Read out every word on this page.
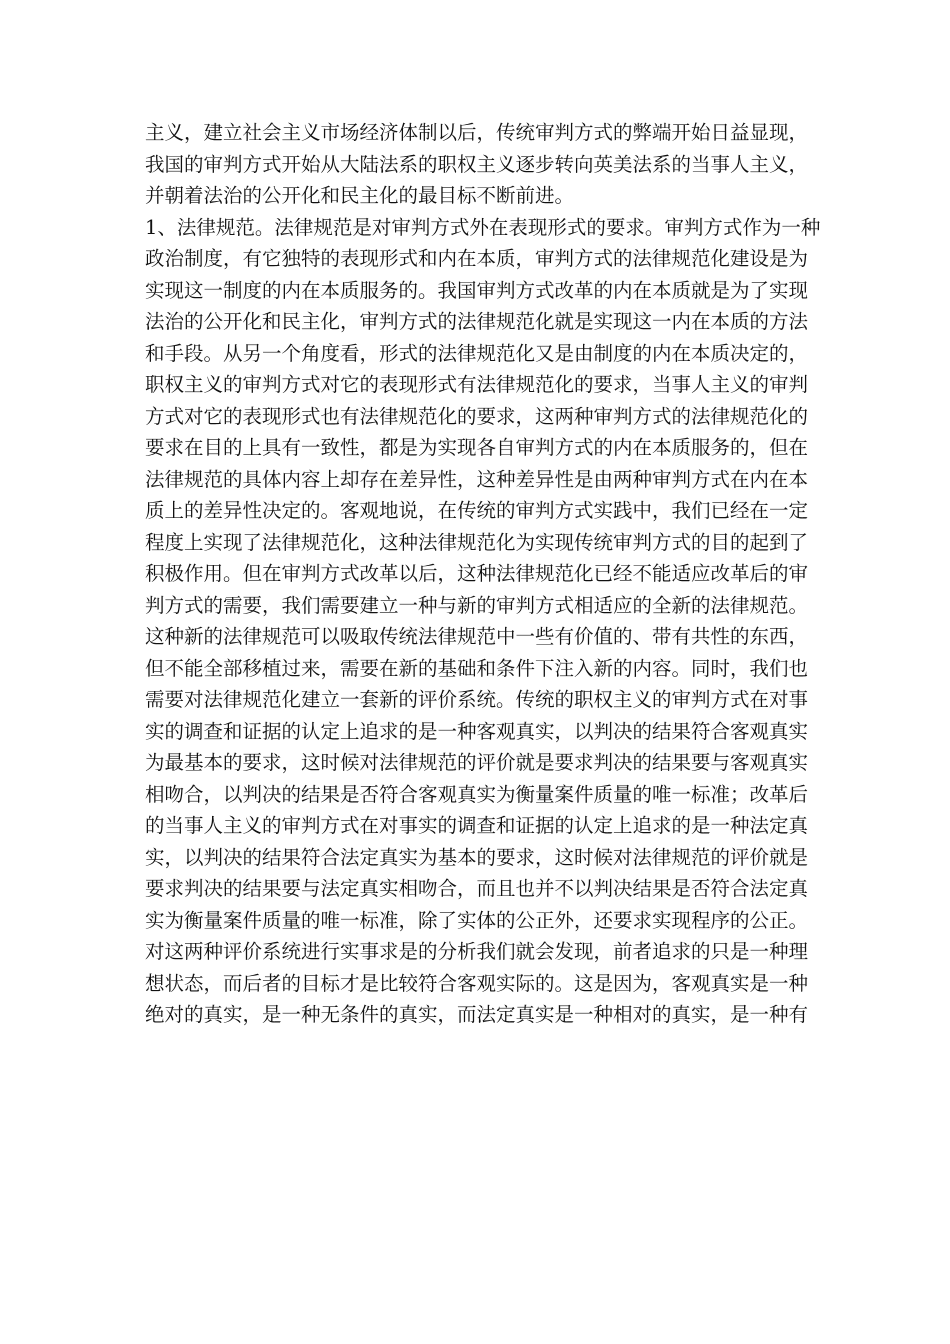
主义，建立社会主义市场经济体制以后，传统审判方式的弊端开始日益显现，
我国的审判方式开始从大陆法系的职权主义逐步转向英美法系的当事人主义，
并朝着法治的公开化和民主化的最目标不断前进。
1、法律规范。法律规范是对审判方式外在表现形式的要求。审判方式作为一种
政治制度，有它独特的表现形式和内在本质，审判方式的法律规范化建设是为
实现这一制度的内在本质服务的。我国审判方式改革的内在本质就是为了实现
法治的公开化和民主化，审判方式的法律规范化就是实现这一内在本质的方法
和手段。从另一个角度看，形式的法律规范化又是由制度的内在本质决定的，
职权主义的审判方式对它的表现形式有法律规范化的要求，当事人主义的审判
方式对它的表现形式也有法律规范化的要求，这两种审判方式的法律规范化的
要求在目的上具有一致性，都是为实现各自审判方式的内在本质服务的，但在
法律规范的具体内容上却存在差异性，这种差异性是由两种审判方式在内在本
质上的差异性决定的。客观地说，在传统的审判方式实践中，我们已经在一定
程度上实现了法律规范化，这种法律规范化为实现传统审判方式的目的起到了
积极作用。但在审判方式改革以后，这种法律规范化已经不能适应改革后的审
判方式的需要，我们需要建立一种与新的审判方式相适应的全新的法律规范。
这种新的法律规范可以吸取传统法律规范中一些有价值的、带有共性的东西，
但不能全部移植过来，需要在新的基础和条件下注入新的内容。同时，我们也
需要对法律规范化建立一套新的评价系统。传统的职权主义的审判方式在对事
实的调查和证据的认定上追求的是一种客观真实，以判决的结果符合客观真实
为最基本的要求，这时候对法律规范的评价就是要求判决的结果要与客观真实
相吻合，以判决的结果是否符合客观真实为衡量案件质量的唯一标准；改革后
的当事人主义的审判方式在对事实的调查和证据的认定上追求的是一种法定真
实，以判决的结果符合法定真实为基本的要求，这时候对法律规范的评价就是
要求判决的结果要与法定真实相吻合，而且也并不以判决结果是否符合法定真
实为衡量案件质量的唯一标准，除了实体的公正外，还要求实现程序的公正。
对这两种评价系统进行实事求是的分析我们就会发现，前者追求的只是一种理
想状态，而后者的目标才是比较符合客观实际的。这是因为，客观真实是一种
绝对的真实，是一种无条件的真实，而法定真实是一种相对的真实，是一种有
